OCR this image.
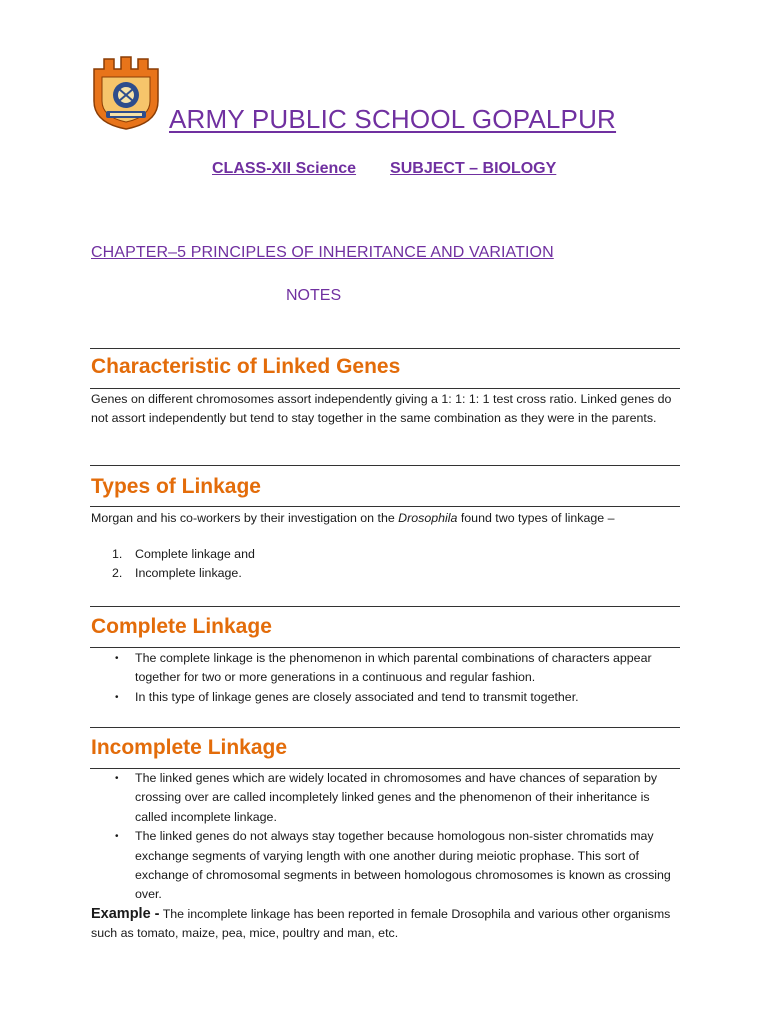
ARMY PUBLIC SCHOOL GOPALPUR
CLASS-XII Science SUBJECT – BIOLOGY
CHAPTER–5 PRINCIPLES OF INHERITANCE AND VARIATION
NOTES
Characteristic of Linked Genes
Genes on different chromosomes assort independently giving a 1: 1: 1: 1 test cross ratio. Linked genes do not assort independently but tend to stay together in the same combination as they were in the parents.
Types of Linkage
Morgan and his co-workers by their investigation on the Drosophila found two types of linkage –
1. Complete linkage and
2. Incomplete linkage.
Complete Linkage
• The complete linkage is the phenomenon in which parental combinations of characters appear together for two or more generations in a continuous and regular fashion.
• In this type of linkage genes are closely associated and tend to transmit together.
Incomplete Linkage
• The linked genes which are widely located in chromosomes and have chances of separation by crossing over are called incompletely linked genes and the phenomenon of their inheritance is called incomplete linkage.
• The linked genes do not always stay together because homologous non-sister chromatids may exchange segments of varying length with one another during meiotic prophase. This sort of exchange of chromosomal segments in between homologous chromosomes is known as crossing over.
Example - The incomplete linkage has been reported in female Drosophila and various other organisms such as tomato, maize, pea, mice, poultry and man, etc.
